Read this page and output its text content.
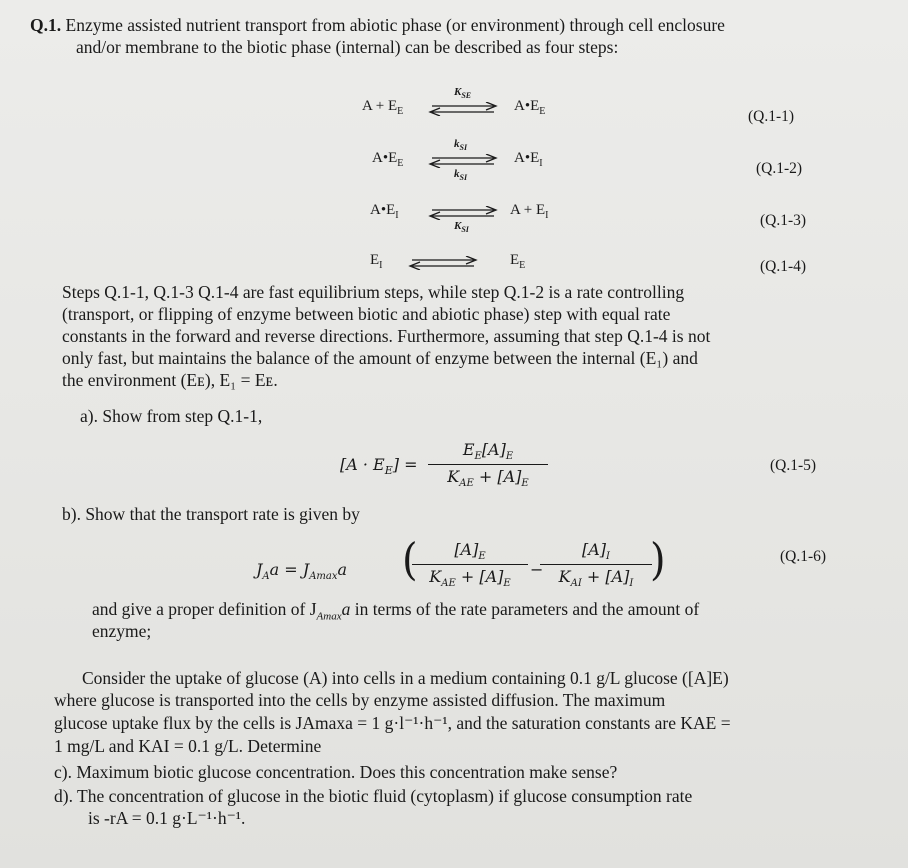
Q.1. Enzyme assisted nutrient transport from abiotic phase (or environment) through cell enclosure
and/or membrane to the biotic phase (internal) can be described as four steps:
$A + E_E$	$A•E_E$	(Q.1-1)
$K_{SE}$
$A•E_E$	$A•E_I$	(Q.1-2)
$k_{SI}$
$k_{SI}$
$A•E_I$	$A + E_I$	(Q.1-3)
$K_{SI}$
$E_I$	$E_E$	(Q.1-4)
Steps Q.1-1, Q.1-3 Q.1-4 are fast equilibrium steps, while step Q.1-2 is a rate controlling
(transport, or flipping of enzyme between biotic and abiotic phase) step with equal rate
constants in the forward and reverse directions. Furthermore, assuming that step Q.1-4 is not
only fast, but maintains the balance of the amount of enzyme between the internal (E₁) and
the environment (Eᴇ), E₁ = Eᴇ.
a). Show from step Q.1-1,
$[A \cdot E_E]$ =
$E_E[A]_E$
$K_{AE} + [A]_E$
(Q.1-5)
b). Show that the transport rate is given by
$J_Aa = J_{Amax}a$ (	$[A]_E$
$K_{AE} + [A]_E$
−
$[A]_I$
$K_{AI} + [A]_I$ )	(Q.1-6)
and give a proper definition of $J_{Amax}a$ in terms of the rate parameters and the amount of
enzyme;
Consider the uptake of glucose (A) into cells in a medium containing 0.1 g/L glucose ([A]E)
where glucose is transported into the cells by enzyme assisted diffusion. The maximum
glucose uptake flux by the cells is JAmaxa = 1 g·l⁻¹·h⁻¹, and the saturation constants are KAE =
1 mg/L and KAI = 0.1 g/L. Determine
c). Maximum biotic glucose concentration. Does this concentration make sense?
d). The concentration of glucose in the biotic fluid (cytoplasm) if glucose consumption rate
is -rA = 0.1 g·L⁻¹·h⁻¹.
